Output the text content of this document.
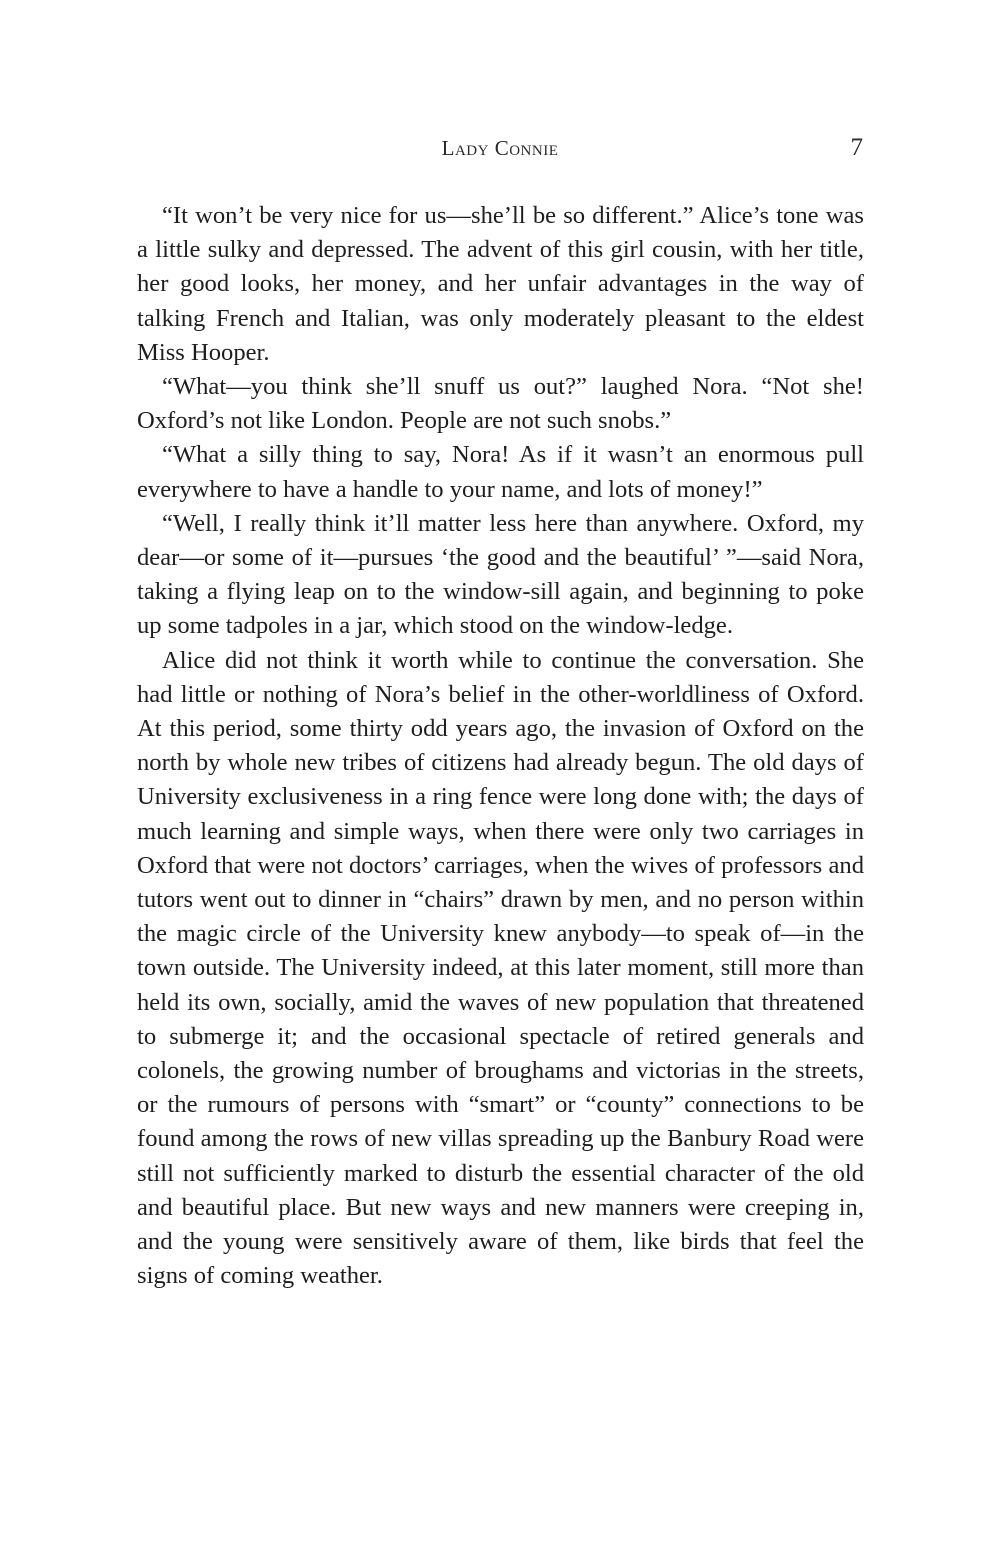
Lady Connie	7

“It won’t be very nice for us—she’ll be so different.” Alice’s tone was a little sulky and depressed. The advent of this girl cousin, with her title, her good looks, her money, and her unfair advantages in the way of talking French and Italian, was only moderately pleasant to the eldest Miss Hooper.

“What—you think she’ll snuff us out?” laughed Nora. “Not she! Oxford’s not like London. People are not such snobs.”

“What a silly thing to say, Nora! As if it wasn’t an enormous pull everywhere to have a handle to your name, and lots of money!”

“Well, I really think it’ll matter less here than anywhere. Oxford, my dear—or some of it—pursues ‘the good and the beautiful’ ”—said Nora, taking a flying leap on to the window-sill again, and beginning to poke up some tadpoles in a jar, which stood on the window-ledge.

Alice did not think it worth while to continue the conversation. She had little or nothing of Nora’s belief in the other-worldliness of Oxford. At this period, some thirty odd years ago, the invasion of Oxford on the north by whole new tribes of citizens had already begun. The old days of University exclusiveness in a ring fence were long done with; the days of much learning and simple ways, when there were only two carriages in Oxford that were not doctors’ carriages, when the wives of professors and tutors went out to dinner in “chairs” drawn by men, and no person within the magic circle of the University knew anybody—to speak of—in the town outside. The University indeed, at this later moment, still more than held its own, socially, amid the waves of new population that threatened to submerge it; and the occasional spectacle of retired generals and colonels, the growing number of broughams and victorias in the streets, or the rumours of persons with “smart” or “county” connections to be found among the rows of new villas spreading up the Banbury Road were still not sufficiently marked to disturb the essential character of the old and beautiful place. But new ways and new manners were creeping in, and the young were sensitively aware of them, like birds that feel the signs of coming weather.
